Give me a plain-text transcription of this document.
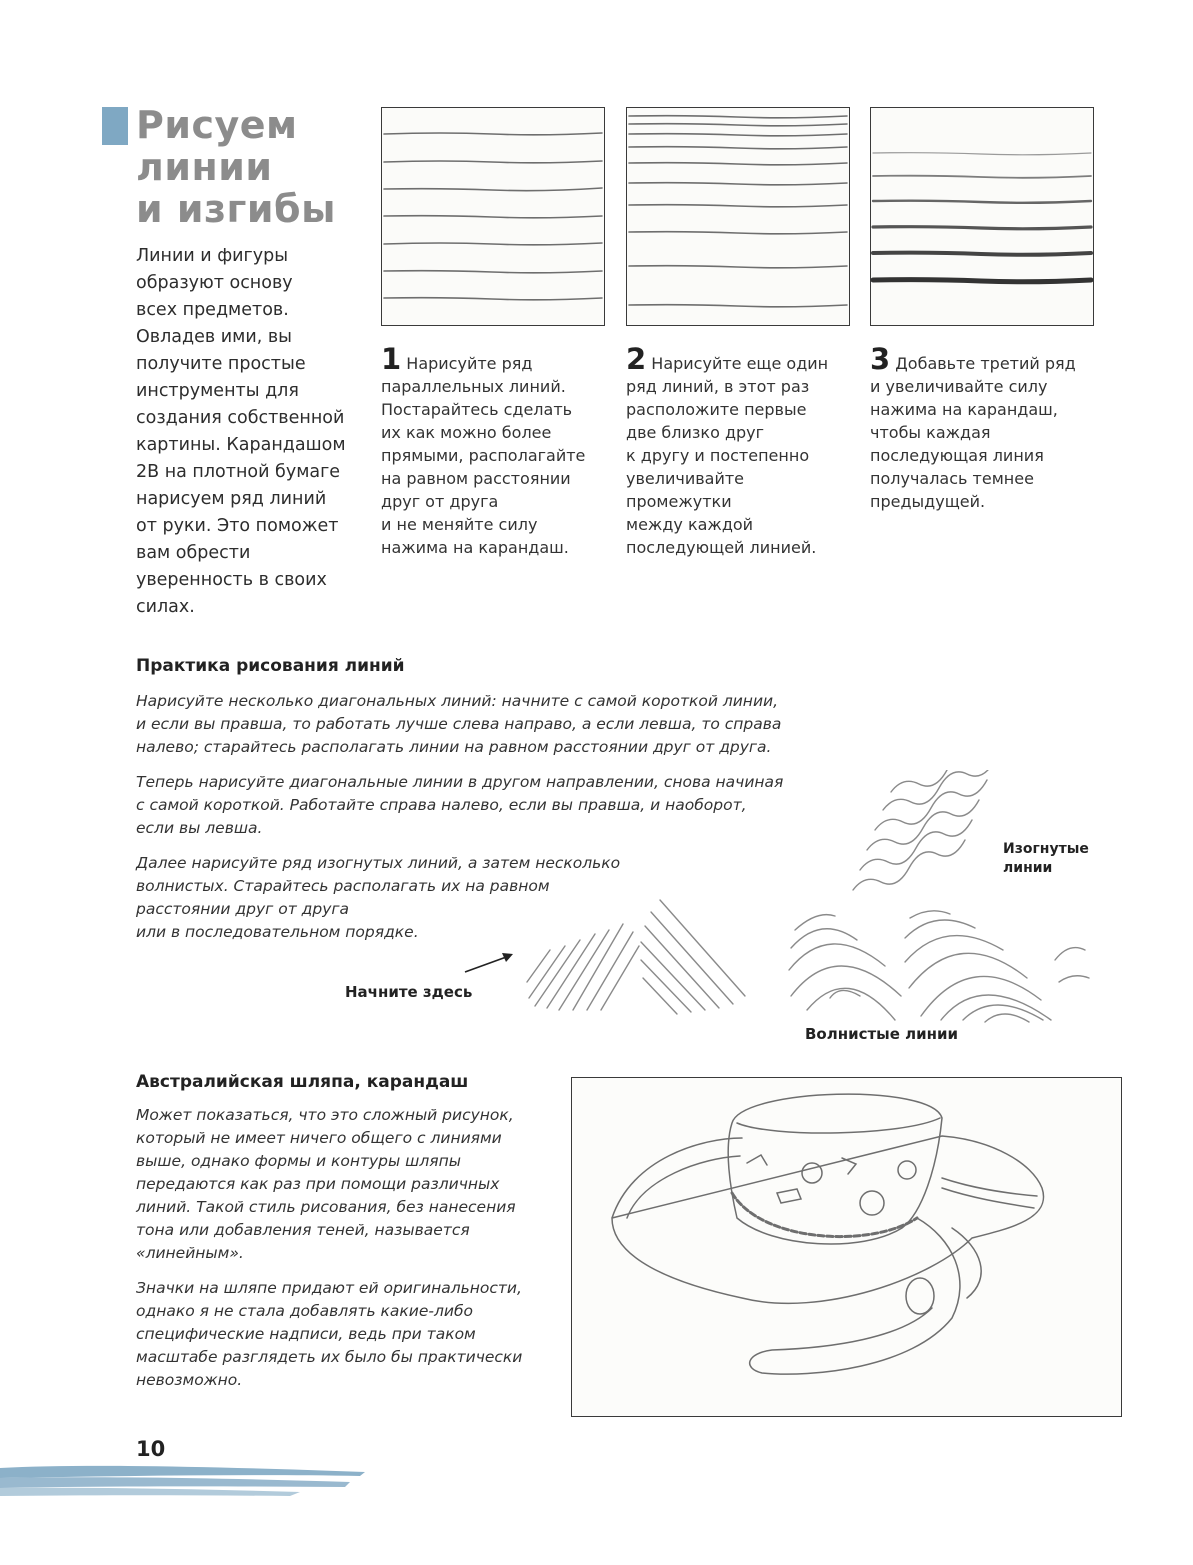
Рисуем
линии
и изгибы
Линии и фигуры
образуют основу
всех предметов.
Овладев ими, вы
получите простые
инструменты для
создания собственной
картины. Карандашом
2B на плотной бумаге
нарисуем ряд линий
от руки. Это поможет
вам обрести
уверенность в своих
силах.
1 Нарисуйте ряд
параллельных линий.
Постарайтесь сделать
их как можно более
прямыми, располагайте
на равном расстоянии
друг от друга
и не меняйте силу
нажима на карандаш.
2 Нарисуйте еще один
ряд линий, в этот раз
расположите первые
две близко друг
к другу и постепенно
увеличивайте промежутки
между каждой
последующей линией.
3 Добавьте третий ряд
и увеличивайте силу
нажима на карандаш,
чтобы каждая
последующая линия
получалась темнее
предыдущей.

Практика рисования линий

Нарисуйте несколько диагональных линий: начните с самой короткой линии,
и если вы правша, то работать лучше слева направо, а если левша, то справа
налево; старайтесь располагать линии на равном расстоянии друг от друга.

Теперь нарисуйте диагональные линии в другом направлении, снова начиная
с самой короткой. Работайте справа налево, если вы правша, и наоборот,
если вы левша.

Далее нарисуйте ряд изогнутых линий, а затем несколько
волнистых. Старайтесь располагать их на равном
расстоянии друг от друга
или в последовательном порядке.

Начните здесь
Изогнутые
линии
Волнистые линии

Австралийская шляпа, карандаш

Может показаться, что это сложный рисунок,
который не имеет ничего общего с линиями
выше, однако формы и контуры шляпы
передаются как раз при помощи различных
линий. Такой стиль рисования, без нанесения
тона или добавления теней, называется
«линейным».

Значки на шляпе придают ей оригинальности,
однако я не стала добавлять какие-либо
специфические надписи, ведь при таком
масштабе разглядеть их было бы практически
невозможно.

10
